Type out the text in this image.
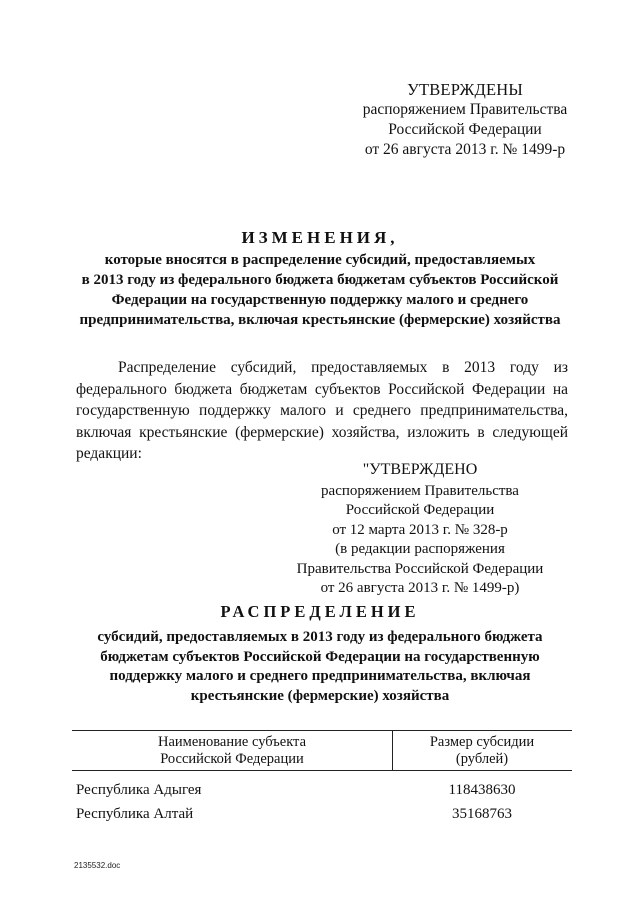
УТВЕРЖДЕНЫ
распоряжением Правительства
Российской Федерации
от 26 августа 2013 г. № 1499-р
ИЗМЕНЕНИЯ,
которые вносятся в распределение субсидий, предоставляемых
в 2013 году из федерального бюджета бюджетам субъектов Российской
Федерации на государственную поддержку малого и среднего
предпринимательства, включая крестьянские (фермерские) хозяйства
Распределение субсидий, предоставляемых в 2013 году из федерального бюджета бюджетам субъектов Российской Федерации на государственную поддержку малого и среднего предпринимательства, включая крестьянские (фермерские) хозяйства, изложить в следующей редакции:
"УТВЕРЖДЕНО
распоряжением Правительства
Российской Федерации
от 12 марта 2013 г. № 328-р
(в редакции распоряжения
Правительства Российской Федерации
от 26 августа 2013 г. № 1499-р)
РАСПРЕДЕЛЕНИЕ
субсидий, предоставляемых в 2013 году из федерального бюджета
бюджетам субъектов Российской Федерации на государственную
поддержку малого и среднего предпринимательства, включая
крестьянские (фермерские) хозяйства
Наименование субъекта
Российской Федерации
Размер субсидии
(рублей)
Республика Адыгея	118438630
Республика Алтай	35168763
2135532.doc
